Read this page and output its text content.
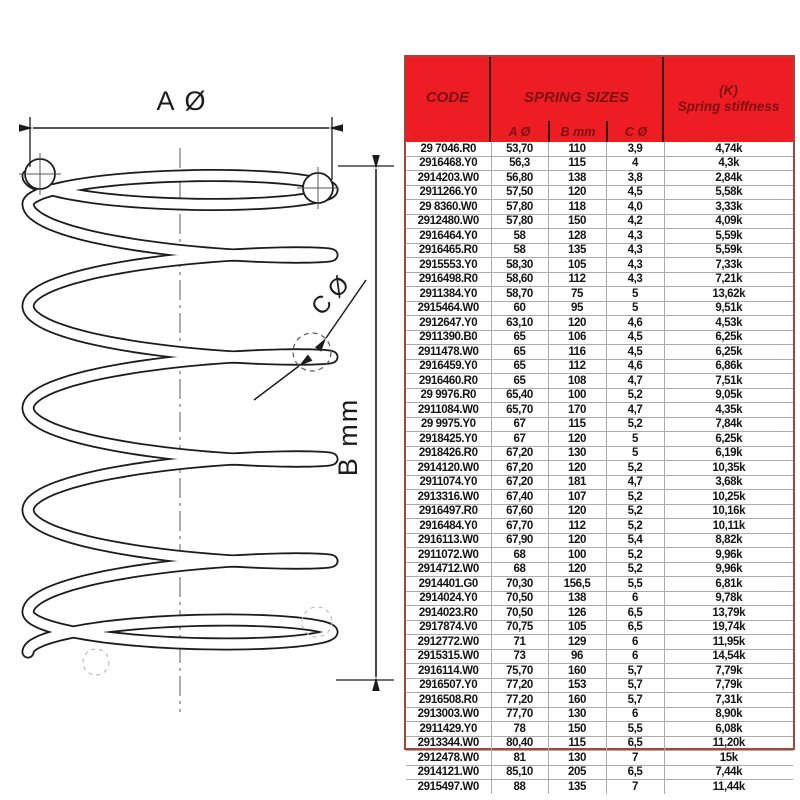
C Ø
A Ø
B mm
CODE	SPRING SIZES
A Ø	B mm	C Ø
(K)
Spring stiffness
29 7046.R0	53,70	110	3,9	4,74k
2916468.Y0	56,3	115	4	4,3k
2914203.W0	56,80	138	3,8	2,84k
2911266.Y0	57,50	120	4,5	5,58k
29 8360.W0	57,80	118	4,0	3,33k
2912480.W0	57,80	150	4,2	4,09k
2916464.Y0	58	128	4,3	5,59k
2916465.R0	58	135	4,3	5,59k
2915553.Y0	58,30	105	4,3	7,33k
2916498.R0	58,60	112	4,3	7,21k
2911384.Y0	58,70	75	5	13,62k
2915464.W0	60	95	5	9,51k
2912647.Y0	63,10	120	4,6	4,53k
2911390.B0	65	106	4,5	6,25k
2911478.W0	65	116	4,5	6,25k
2916459.Y0	65	112	4,6	6,86k
2916460.R0	65	108	4,7	7,51k
29 9976.R0	65,40	100	5,2	9,05k
2911084.W0	65,70	170	4,7	4,35k
29 9975.Y0	67	115	5,2	7,84k
2918425.Y0	67	120	5	6,25k
2918426.R0	67,20	130	5	6,19k
2914120.W0	67,20	120	5,2	10,35k
2911074.Y0	67,20	181	4,7	3,68k
2913316.W0	67,40	107	5,2	10,25k
2916497.R0	67,60	120	5,2	10,16k
2916484.Y0	67,70	112	5,2	10,11k
2916113.W0	67,90	120	5,4	8,82k
2911072.W0	68	100	5,2	9,96k
2914712.W0	68	120	5,2	9,96k
2914401.G0	70,30	156,5	5,5	6,81k
2914024.Y0	70,50	138	6	9,78k
2914023.R0	70,50	126	6,5	13,79k
2917874.V0	70,75	105	6,5	19,74k
2912772.W0	71	129	6	11,95k
2915315.W0	73	96	6	14,54k
2916114.W0	75,70	160	5,7	7,79k
2916507.Y0	77,20	153	5,7	7,79k
2916508.R0	77,20	160	5,7	7,31k
2913003.W0	77,70	130	6	8,90k
2911429.Y0	78	150	5,5	6,08k
2913344.W0	80,40	115	6,5	11,20k
2912478.W0	81	130	7	15k
2914121.W0	85,10	205	6,5	7,44k
2915497.W0	88	135	7	11,44k
